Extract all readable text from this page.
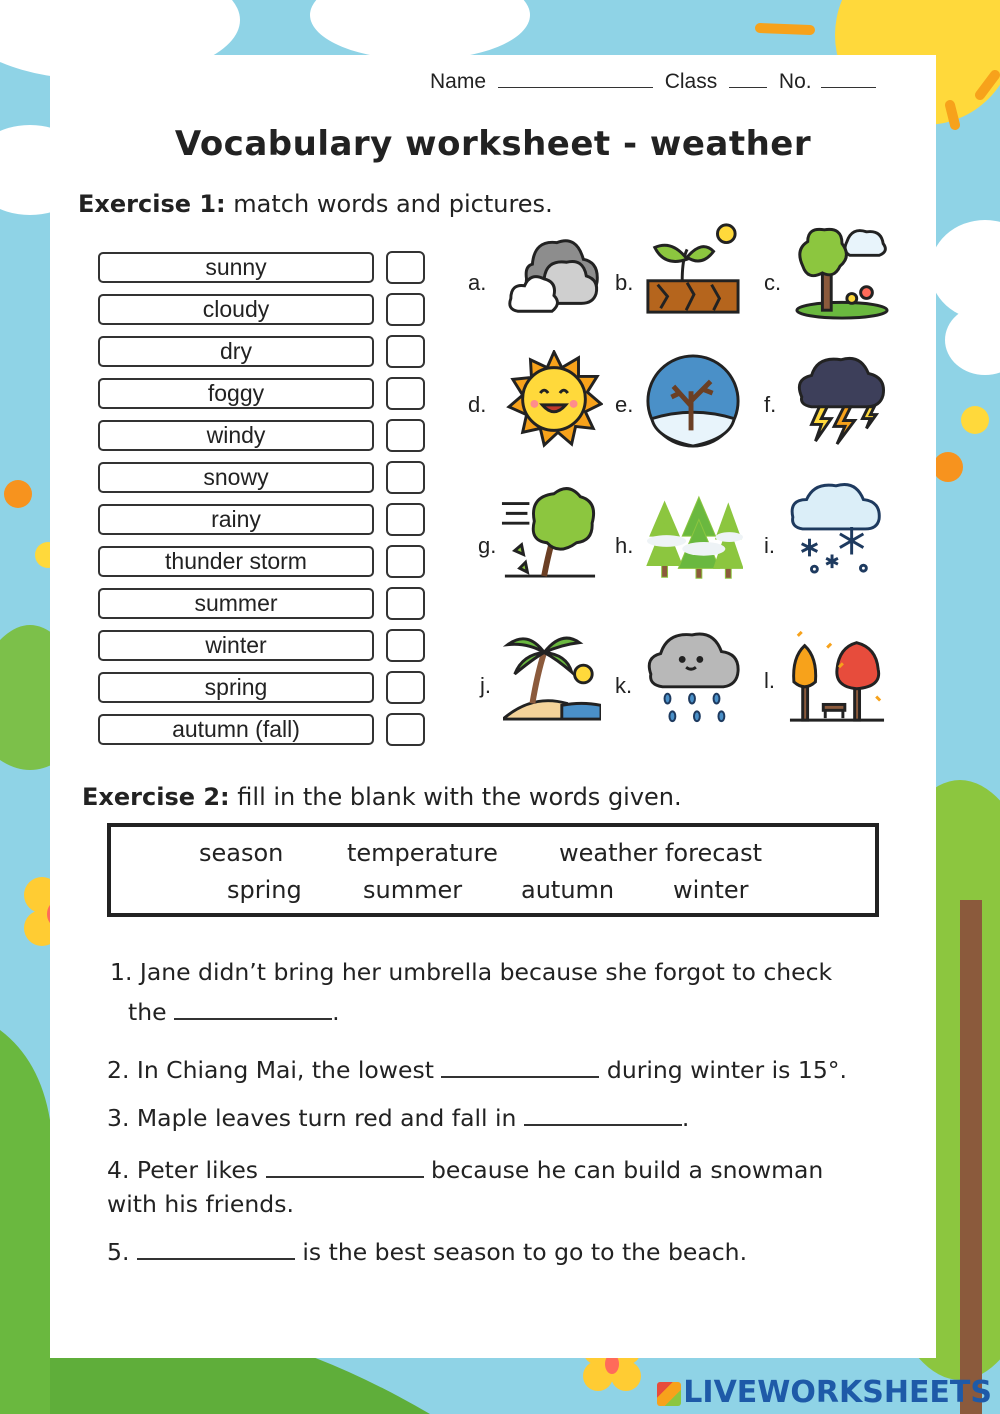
Name	Class	No.
Vocabulary worksheet - weather
Exercise 1: match words and pictures.
sunny
cloudy
dry
foggy
windy
snowy
rainy
thunder storm
summer
winter
spring
autumn (fall)
a.	b.	c.
d.	e.	f.
g.	h.	i.
j.	k.	l.
Exercise 2: fill in the blank with the words given.
season	temperature	weather forecast
spring	summer autumn winter
1. Jane didn’t bring her umbrella because she forgot to check
the	.
2. In Chiang Mai, the lowest	during winter is 15°.
3. Maple leaves turn red and fall in	.
4. Peter likes	because he can build a snowman
with his friends.
5.	is the best season to go to the beach.
LIVEWORKSHEETS
